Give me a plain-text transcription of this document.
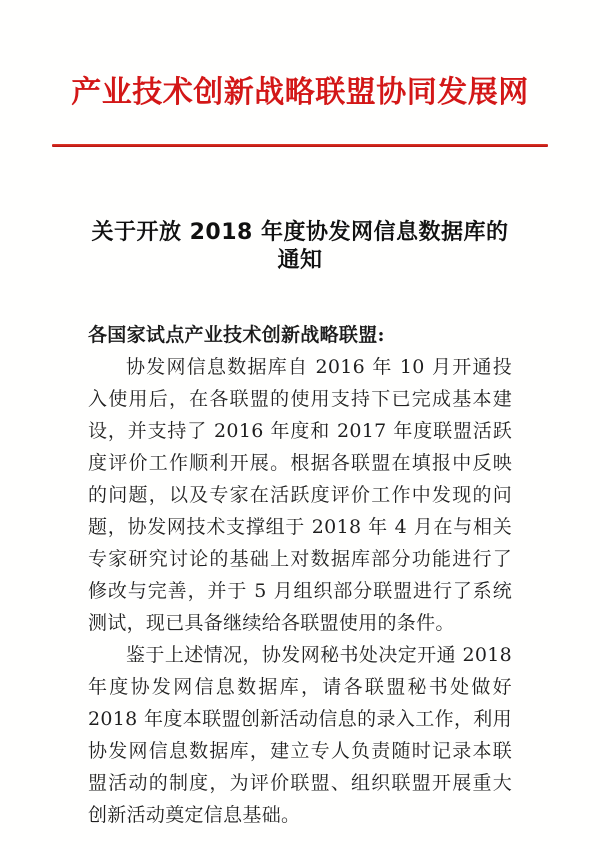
产业技术创新战略联盟协同发展网
关于开放 2018 年度协发网信息数据库的通知

各国家试点产业技术创新战略联盟:

协发网信息数据库自 2016 年 10 月开通投入使用后，在各联盟的使用支持下已完成基本建设，并支持了 2016 年度和 2017 年度联盟活跃度评价工作顺利开展。根据各联盟在填报中反映的问题，以及专家在活跃度评价工作中发现的问题，协发网技术支撑组于 2018 年 4 月在与相关专家研究讨论的基础上对数据库部分功能进行了修改与完善，并于 5 月组织部分联盟进行了系统测试，现已具备继续给各联盟使用的条件。

鉴于上述情况，协发网秘书处决定开通 2018 年度协发网信息数据库，请各联盟秘书处做好 2018 年度本联盟创新活动信息的录入工作，利用协发网信息数据库，建立专人负责随时记录本联盟活动的制度，为评价联盟、组织联盟开展重大创新活动奠定信息基础。
